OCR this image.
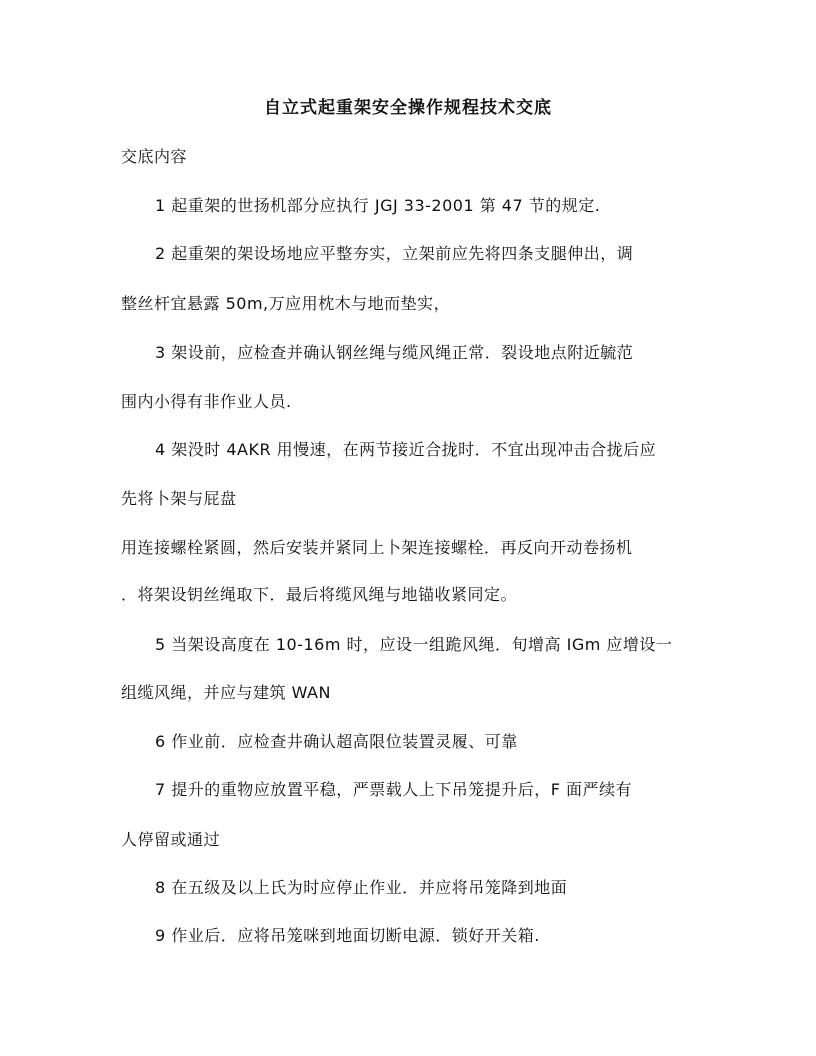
自立式起重架安全操作规程技术交底
交底内容
1 起重架的世扬机部分应执行 JGJ 33-2001 第 47 节的规定.
2 起重架的架设场地应平整夯实，立架前应先将四条支腿伸出，调
整丝杆宜悬露 50m,万应用枕木与地而垫实，
3 架设前，应检查并确认钢丝绳与缆风绳正常．裂设地点附近毓范
围内小得有非作业人员.
4 架没时 4AKR 用慢速，在两节接近合拢时．不宜出现冲击合拢后应
先将卜架与屁盘
用连接螺栓紧圆，然后安装并紧同上卜架连接螺栓．再反向开动卷扬机
．将架设钥丝绳取下．最后将缆风绳与地锚收紧同定。
5 当架设高度在 10-16m 时，应设一组跪风绳．旬增高 IGm 应增设一
组缆风绳，并应与建筑 WAN
6 作业前．应检查井确认超高限位装置灵履、可靠
7 提升的重物应放置平稳，严票载人上下吊笼提升后，F 面严续有
人停留或通过
8 在五级及以上氏为时应停止作业．并应将吊笼降到地面
9 作业后．应将吊笼咪到地面切断电源．锁好开关箱.
